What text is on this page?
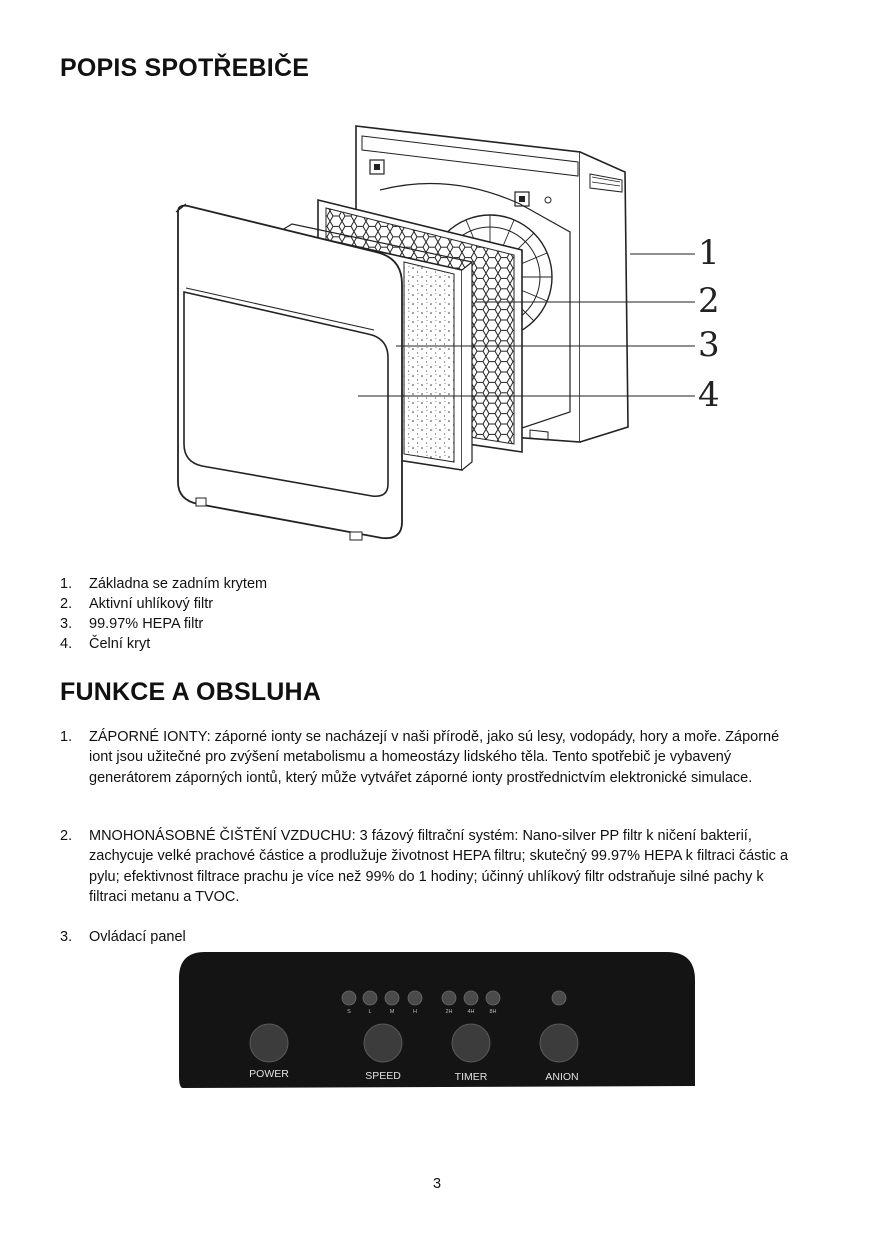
POPIS SPOTŘEBIČE
1
2
3
4
1. Základna se zadním krytem
2. Aktivní uhlíkový filtr
3. 99.97% HEPA filtr
4. Čelní kryt
FUNKCE A OBSLUHA
1.	ZÁPORNÉ IONTY: záporné ionty se nacházejí v naši přírodě, jako sú lesy, vodopády, hory a moře. Záporné iont jsou užitečné pro zvýšení metabolismu a homeostázy lidského těla. Tento spotřebič je vybavený generátorem záporných iontů, který může vytvářet záporné ionty prostřednictvím elektronické simulace.
2.	MNOHONÁSOBNÉ ČIŠTĚNÍ VZDUCHU: 3 fázový filtrační systém: Nano-silver PP filtr k ničení bakterií, zachycuje velké prachové částice a prodlužuje životnost HEPA filtru; skutečný 99.97% HEPA k filtraci částic a pylu; efektivnost filtrace prachu je více než 99% do 1 hodiny; účinný uhlíkový filtr odstraňuje silné pachy k filtraci metanu a TVOC.
3.	Ovládací panel
S	L	M	H	2H	4H	8H
POWER	SPEED	TIMER	ANION
3
